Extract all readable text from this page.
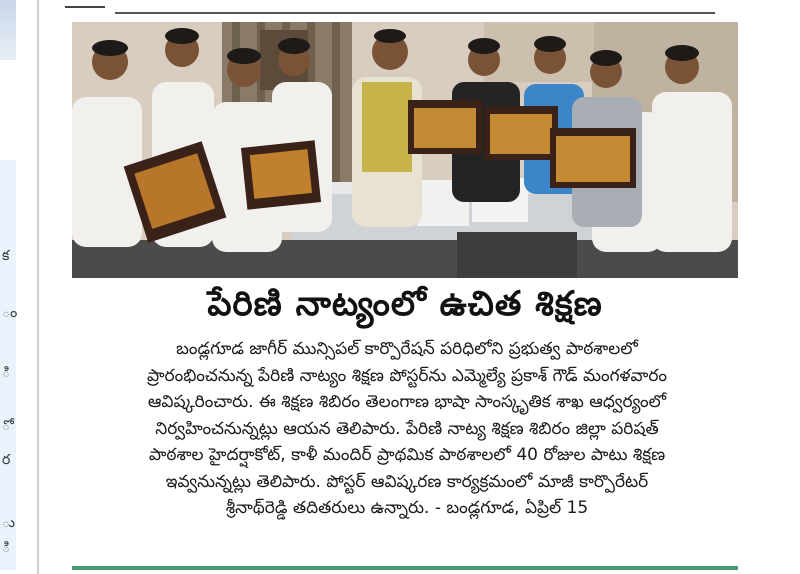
క
ం
ి
ో
ర
ు
ి
పేరిణి నాట్యంలో ఉచిత శిక్షణ
బండ్లగూడ జాగీర్ మున్సిపల్ కార్పొరేషన్ పరిధిలోని ప్రభుత్వ పాఠశాలలో
ప్రారంభించనున్న పేరిణి నాట్యం శిక్షణ పోస్టర్‌ను ఎమ్మెల్యే ప్రకాశ్ గౌడ్ మంగళవారం
ఆవిష్కరించారు. ఈ శిక్షణ శిబిరం తెలంగాణ భాషా సాంస్కృతిక శాఖ ఆధ్వర్యంలో
నిర్వహించనున్నట్లు ఆయన తెలిపారు. పేరిణి నాట్య శిక్షణ శిబిరం జిల్లా పరిషత్
పాఠశాల హైదర్షాకోట్, కాళీ మందిర్ ప్రాథమిక పాఠశాలలో 40 రోజుల పాటు శిక్షణ
ఇవ్వనున్నట్లు తెలిపారు. పోస్టర్ ఆవిష్కరణ కార్యక్రమంలో మాజీ కార్పొరేటర్
శ్రీనాథ్‌రెడ్డి తదితరులు ఉన్నారు. - బండ్లగూడ, ఏప్రిల్ 15
